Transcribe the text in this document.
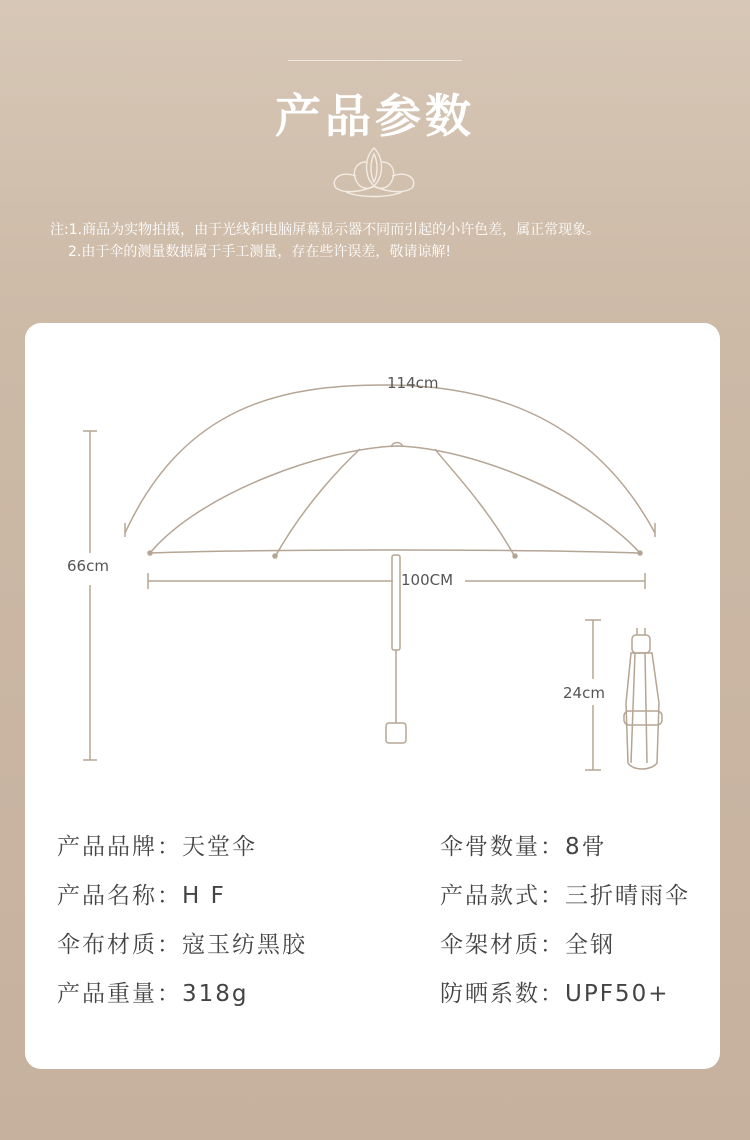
产品参数
注:1.商品为实物拍摄，由于光线和电脑屏幕显示器不同而引起的小许色差，属正常现象。
2.由于伞的测量数据属于手工测量，存在些许误差，敬请谅解!
114cm
66cm
100CM
24cm
产品品牌：天堂伞
产品名称：H F
伞布材质：寇玉纺黑胶
产品重量：318g
伞骨数量：8骨
产品款式：三折晴雨伞
伞架材质：全钢
防晒系数：UPF50+
